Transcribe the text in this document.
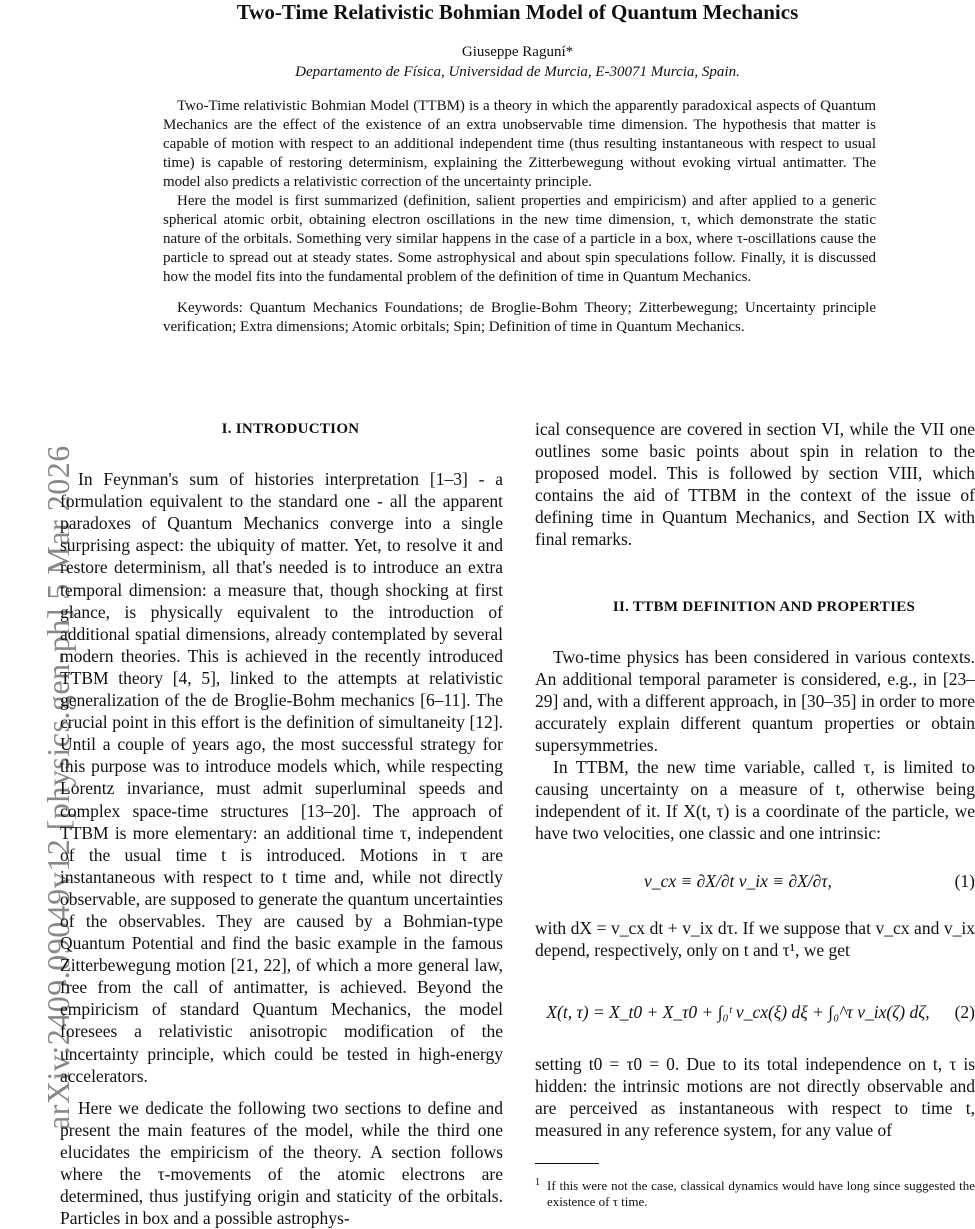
arXiv:2409.09049v12 [physics.gen-ph] 5 Mar 2026
Two-Time Relativistic Bohmian Model of Quantum Mechanics
Giuseppe Raguní*
Departamento de Física, Universidad de Murcia, E-30071 Murcia, Spain.

Two-Time relativistic Bohmian Model (TTBM) is a theory in which the apparently paradoxical aspects of Quantum Mechanics are the effect of the existence of an extra unobservable time dimension. The hypothesis that matter is capable of motion with respect to an additional independent time (thus resulting instantaneous with respect to usual time) is capable of restoring determinism, explaining the Zitterbewegung without evoking virtual antimatter. The model also predicts a relativistic correction of the uncertainty principle.

Here the model is first summarized (definition, salient properties and empiricism) and after applied to a generic spherical atomic orbit, obtaining electron oscillations in the new time dimension, τ, which demonstrate the static nature of the orbitals. Something very similar happens in the case of a particle in a box, where τ-oscillations cause the particle to spread out at steady states. Some astrophysical and about spin speculations follow. Finally, it is discussed how the model fits into the fundamental problem of the definition of time in Quantum Mechanics.

Keywords: Quantum Mechanics Foundations; de Broglie-Bohm Theory; Zitterbewegung; Uncertainty principle verification; Extra dimensions; Atomic orbitals; Spin; Definition of time in Quantum Mechanics.

I. INTRODUCTION

In Feynman's sum of histories interpretation [1–3] - a formulation equivalent to the standard one - all the apparent paradoxes of Quantum Mechanics converge into a single surprising aspect: the ubiquity of matter. Yet, to resolve it and restore determinism, all that's needed is to introduce an extra temporal dimension: a measure that, though shocking at first glance, is physically equivalent to the introduction of additional spatial dimensions, already contemplated by several modern theories. This is achieved in the recently introduced TTBM theory [4, 5], linked to the attempts at relativistic generalization of the de Broglie-Bohm mechanics [6–11]. The crucial point in this effort is the definition of simultaneity [12]. Until a couple of years ago, the most successful strategy for this purpose was to introduce models which, while respecting Lorentz invariance, must admit superluminal speeds and complex space-time structures [13–20]. The approach of TTBM is more elementary: an additional time τ, independent of the usual time t is introduced. Motions in τ are instantaneous with respect to t time and, while not directly observable, are supposed to generate the quantum uncertainties of the observables. They are caused by a Bohmian-type Quantum Potential and find the basic example in the famous Zitterbewegung motion [21, 22], of which a more general law, free from the call of antimatter, is achieved. Beyond the empiricism of standard Quantum Mechanics, the model foresees a relativistic anisotropic modification of the uncertainty principle, which could be tested in high-energy accelerators.

Here we dedicate the following two sections to define and present the main features of the model, while the third one elucidates the empiricism of the theory. A section follows where the τ-movements of the atomic electrons are determined, thus justifying origin and staticity of the orbitals. Particles in box and a possible astrophys-

ical consequence are covered in section VI, while the VII one outlines some basic points about spin in relation to the proposed model. This is followed by section VIII, which contains the aid of TTBM in the context of the issue of defining time in Quantum Mechanics, and Section IX with final remarks.

II. TTBM DEFINITION AND PROPERTIES

Two-time physics has been considered in various contexts. An additional temporal parameter is considered, e.g., in [23–29] and, with a different approach, in [30–35] in order to more accurately explain different quantum properties or obtain supersymmetries.

In TTBM, the new time variable, called τ, is limited to causing uncertainty on a measure of t, otherwise being independent of it. If X(t, τ) is a coordinate of the particle, we have two velocities, one classic and one intrinsic:

v_cx ≡ ∂X/∂t v_ix ≡ ∂X/∂τ,	(1)

with dX = v_cx dt + v_ix dτ. If we suppose that v_cx and v_ix depend, respectively, only on t and τ¹, we get

X(t, τ) = X_t0 + X_τ0 + ∫₀ᵗ v_cx(ξ) dξ + ∫₀^τ v_ix(ζ) dζ,	(2)

setting t0 = τ0 = 0. Due to its total independence on t, τ is hidden: the intrinsic motions are not directly observable and are perceived as instantaneous with respect to time t, measured in any reference system, for any value of

1 If this were not the case, classical dynamics would have long since suggested the existence of τ time.
